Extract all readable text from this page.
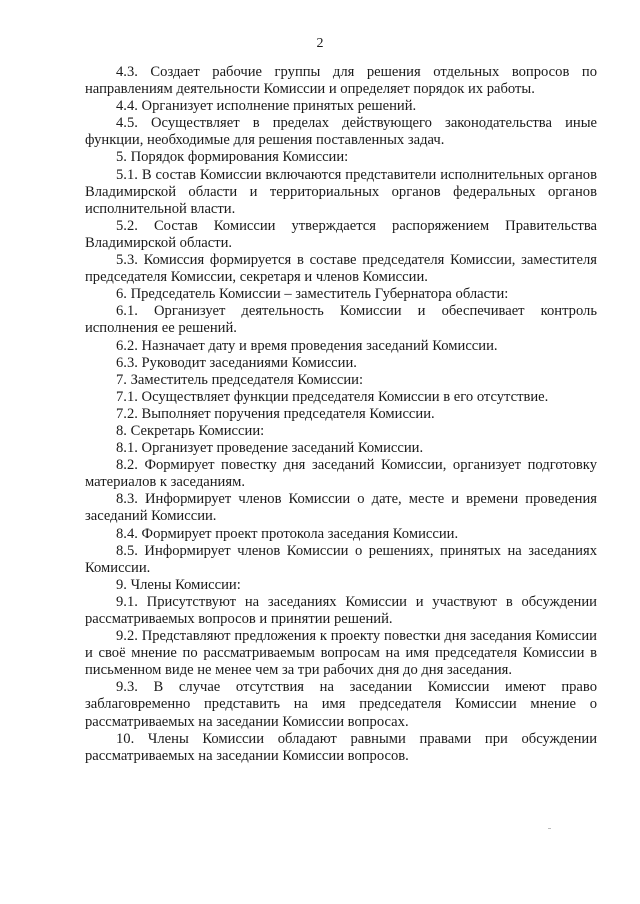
2

4.3. Создает рабочие группы для решения отдельных вопросов по направлениям деятельности Комиссии и определяет порядок их работы.

4.4. Организует исполнение принятых решений.

4.5. Осуществляет в пределах действующего законодательства иные функции, необходимые для решения поставленных задач.

5. Порядок формирования Комиссии:

5.1. В состав Комиссии включаются представители исполнительных органов Владимирской области и территориальных органов федеральных органов исполнительной власти.

5.2. Состав Комиссии утверждается распоряжением Правительства Владимирской области.

5.3. Комиссия формируется в составе председателя Комиссии, заместителя председателя Комиссии, секретаря и членов Комиссии.

6. Председатель Комиссии – заместитель Губернатора области:

6.1. Организует деятельность Комиссии и обеспечивает контроль исполнения ее решений.

6.2. Назначает дату и время проведения заседаний Комиссии.

6.3. Руководит заседаниями Комиссии.

7. Заместитель председателя Комиссии:

7.1. Осуществляет функции председателя Комиссии в его отсутствие.

7.2. Выполняет поручения председателя Комиссии.

8. Секретарь Комиссии:

8.1. Организует проведение заседаний Комиссии.

8.2. Формирует повестку дня заседаний Комиссии, организует подготовку материалов к заседаниям.

8.3. Информирует членов Комиссии о дате, месте и времени проведения заседаний Комиссии.

8.4. Формирует проект протокола заседания Комиссии.

8.5. Информирует членов Комиссии о решениях, принятых на заседаниях Комиссии.

9. Члены Комиссии:

9.1. Присутствуют на заседаниях Комиссии и участвуют в обсуждении рассматриваемых вопросов и принятии решений.

9.2. Представляют предложения к проекту повестки дня заседания Комиссии и своё мнение по рассматриваемым вопросам на имя председателя Комиссии в письменном виде не менее чем за три рабочих дня до дня заседания.

9.3. В случае отсутствия на заседании Комиссии имеют право заблаговременно представить на имя председателя Комиссии мнение о рассматриваемых на заседании Комиссии вопросах.

10. Члены Комиссии обладают равными правами при обсуждении рассматриваемых на заседании Комиссии вопросов.
